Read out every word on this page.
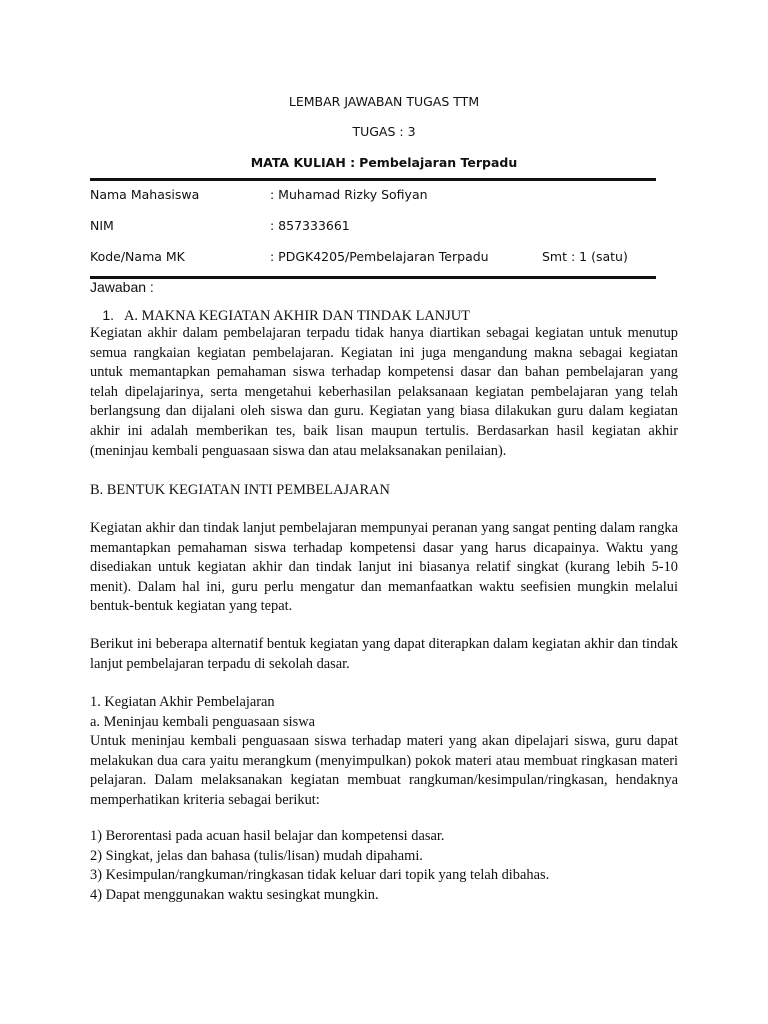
LEMBAR JAWABAN TUGAS TTM
TUGAS : 3
MATA KULIAH : Pembelajaran Terpadu
Nama Mahasiswa	: Muhamad Rizky Sofiyan
NIM	: 857333661
Kode/Nama MK	: PDGK4205/Pembelajaran Terpadu	Smt : 1 (satu)
Jawaban :
1. A. MAKNA KEGIATAN AKHIR DAN TINDAK LANJUT
Kegiatan akhir dalam pembelajaran terpadu tidak hanya diartikan sebagai kegiatan untuk menutup semua rangkaian kegiatan pembelajaran. Kegiatan ini juga mengandung makna sebagai kegiatan untuk memantapkan pemahaman siswa terhadap kompetensi dasar dan bahan pembelajaran yang telah dipelajarinya, serta mengetahui keberhasilan pelaksanaan kegiatan pembelajaran yang telah berlangsung dan dijalani oleh siswa dan guru. Kegiatan yang biasa dilakukan guru dalam kegiatan akhir ini adalah memberikan tes, baik lisan maupun tertulis. Berdasarkan hasil kegiatan akhir (meninjau kembali penguasaan siswa dan atau melaksanakan penilaian).
B. BENTUK KEGIATAN INTI PEMBELAJARAN
Kegiatan akhir dan tindak lanjut pembelajaran mempunyai peranan yang sangat penting dalam rangka memantapkan pemahaman siswa terhadap kompetensi dasar yang harus dicapainya. Waktu yang disediakan untuk kegiatan akhir dan tindak lanjut ini biasanya relatif singkat (kurang lebih 5-10 menit). Dalam hal ini, guru perlu mengatur dan memanfaatkan waktu seefisien mungkin melalui bentuk-bentuk kegiatan yang tepat.
Berikut ini beberapa alternatif bentuk kegiatan yang dapat diterapkan dalam kegiatan akhir dan tindak lanjut pembelajaran terpadu di sekolah dasar.
1. Kegiatan Akhir Pembelajaran
a. Meninjau kembali penguasaan siswa
Untuk meninjau kembali penguasaan siswa terhadap materi yang akan dipelajari siswa, guru dapat melakukan dua cara yaitu merangkum (menyimpulkan) pokok materi atau membuat ringkasan materi pelajaran. Dalam melaksanakan kegiatan membuat rangkuman/kesimpulan/ringkasan, hendaknya memperhatikan kriteria sebagai berikut:
1) Berorentasi pada acuan hasil belajar dan kompetensi dasar.
2) Singkat, jelas dan bahasa (tulis/lisan) mudah dipahami.
3) Kesimpulan/rangkuman/ringkasan tidak keluar dari topik yang telah dibahas.
4) Dapat menggunakan waktu sesingkat mungkin.
